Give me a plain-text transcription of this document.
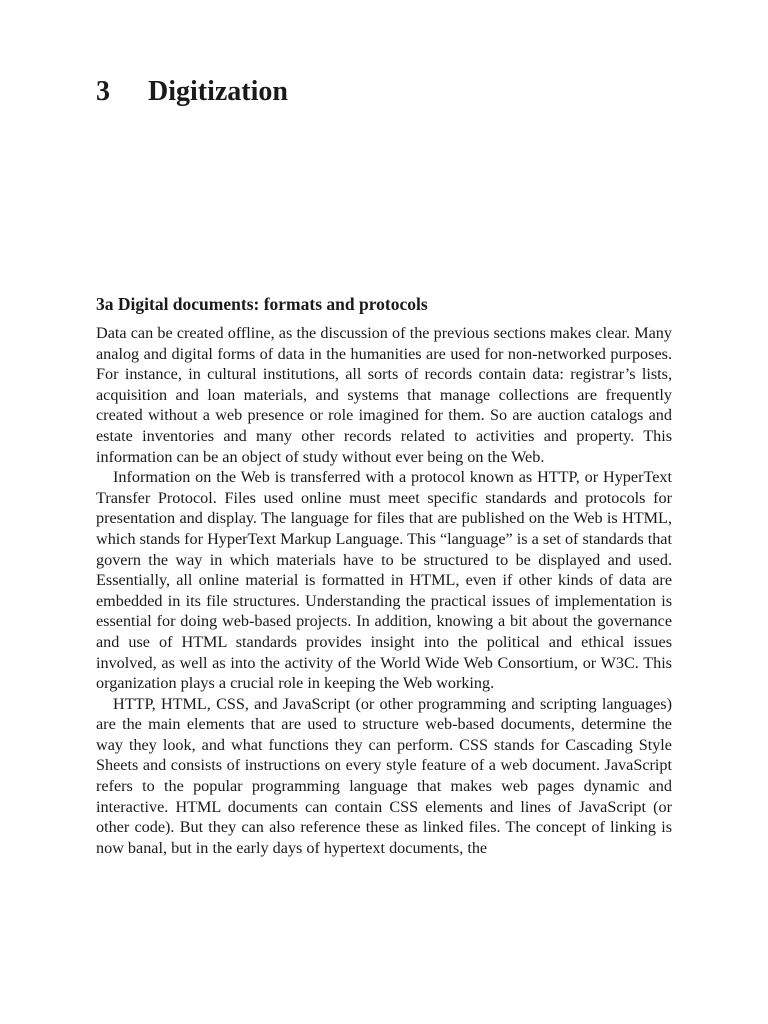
3 Digitization
3a Digital documents: formats and protocols

Data can be created offline, as the discussion of the previous sections makes clear. Many analog and digital forms of data in the humanities are used for non-networked purposes. For instance, in cultural institutions, all sorts of records contain data: registrar’s lists, acquisition and loan materials, and systems that manage collections are frequently created without a web presence or role imagined for them. So are auction catalogs and estate inventories and many other records related to activities and property. This information can be an object of study without ever being on the Web.

Information on the Web is transferred with a protocol known as HTTP, or HyperText Transfer Protocol. Files used online must meet specific standards and protocols for presentation and display. The language for files that are published on the Web is HTML, which stands for HyperText Markup Language. This “language” is a set of standards that govern the way in which materials have to be structured to be displayed and used. Essentially, all online material is formatted in HTML, even if other kinds of data are embedded in its file structures. Understanding the practical issues of implementation is essential for doing web-based projects. In addition, knowing a bit about the governance and use of HTML standards provides insight into the political and ethical issues involved, as well as into the activity of the World Wide Web Consortium, or W3C. This organization plays a crucial role in keeping the Web working.

HTTP, HTML, CSS, and JavaScript (or other programming and scripting languages) are the main elements that are used to structure web-based documents, determine the way they look, and what functions they can perform. CSS stands for Cascading Style Sheets and consists of instructions on every style feature of a web document. JavaScript refers to the popular programming language that makes web pages dynamic and interactive. HTML documents can contain CSS elements and lines of JavaScript (or other code). But they can also reference these as linked files. The concept of linking is now banal, but in the early days of hypertext documents, the
